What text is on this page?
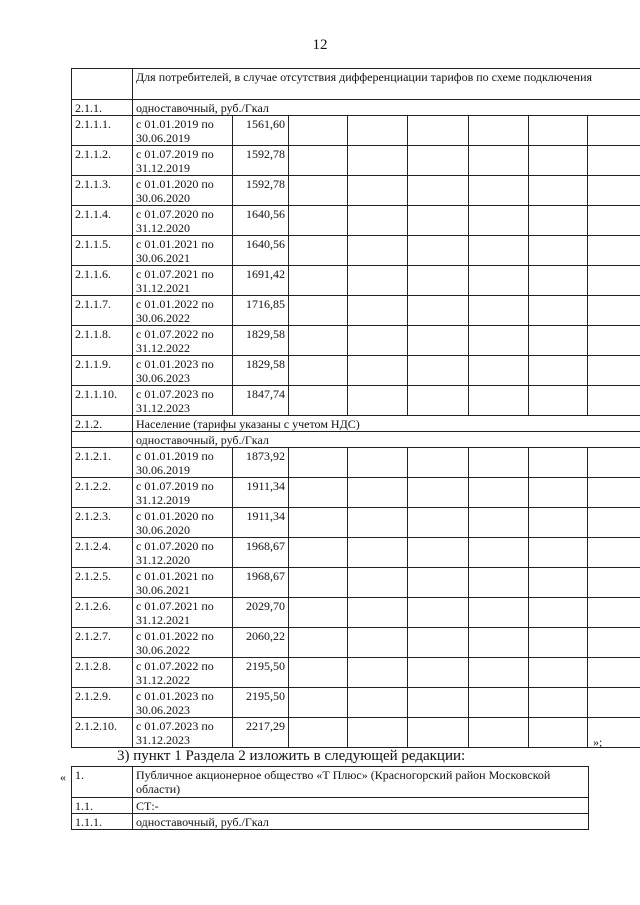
12
	Для потребителей, в случае отсутствия дифференциации тарифов по схеме подключения							
2.1.1.	одноставочный, руб./Гкал							
2.1.1.1.	с 01.01.2019 по 30.06.2019	1561,60						
2.1.1.2.	с 01.07.2019 по 31.12.2019	1592,78						
2.1.1.3.	с 01.01.2020 по 30.06.2020	1592,78						
2.1.1.4.	с 01.07.2020 по 31.12.2020	1640,56						
2.1.1.5.	с 01.01.2021 по 30.06.2021	1640,56						
2.1.1.6.	с 01.07.2021 по 31.12.2021	1691,42						
2.1.1.7.	с 01.01.2022 по 30.06.2022	1716,85						
2.1.1.8.	с 01.07.2022 по 31.12.2022	1829,58						
2.1.1.9.	с 01.01.2023 по 30.06.2023	1829,58						
2.1.1.10.	с 01.07.2023 по 31.12.2023	1847,74						
2.1.2.	Население (тарифы указаны с учетом НДС)							
	одноставочный, руб./Гкал							
2.1.2.1.	с 01.01.2019 по 30.06.2019	1873,92						
2.1.2.2.	с 01.07.2019 по 31.12.2019	1911,34						
2.1.2.3.	с 01.01.2020 по 30.06.2020	1911,34						
2.1.2.4.	с 01.07.2020 по 31.12.2020	1968,67						
2.1.2.5.	с 01.01.2021 по 30.06.2021	1968,67						
2.1.2.6.	с 01.07.2021 по 31.12.2021	2029,70						
2.1.2.7.	с 01.01.2022 по 30.06.2022	2060,22						
2.1.2.8.	с 01.07.2022 по 31.12.2022	2195,50						
2.1.2.9.	с 01.01.2023 по 30.06.2023	2195,50						
2.1.2.10.	с 01.07.2023 по 31.12.2023	2217,29						
»;
3) пункт 1 Раздела 2 изложить в следующей редакции:
« 1.	Публичное акционерное общество «Т Плюс» (Красногорский район Московской области)
1.1.	СТ:-
1.1.1.	одноставочный, руб./Гкал
